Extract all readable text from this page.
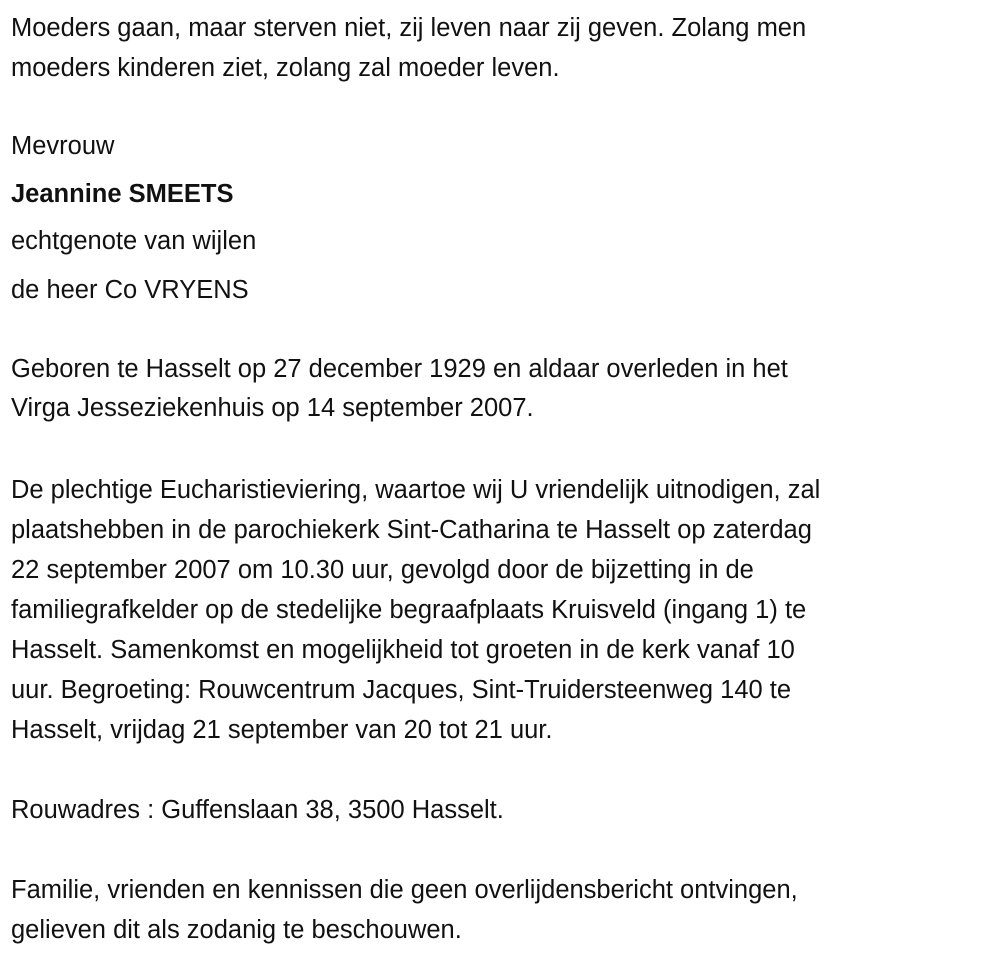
Moeders gaan, maar sterven niet, zij leven naar zij geven. Zolang men
moeders kinderen ziet, zolang zal moeder leven.
Mevrouw
Jeannine SMEETS
echtgenote van wijlen
de heer Co VRYENS
Geboren te Hasselt op 27 december 1929 en aldaar overleden in het
Virga Jesseziekenhuis op 14 september 2007.
De plechtige Eucharistieviering, waartoe wij U vriendelijk uitnodigen, zal
plaatshebben in de parochiekerk Sint-Catharina te Hasselt op zaterdag
22 september 2007 om 10.30 uur, gevolgd door de bijzetting in de
familiegrafkelder op de stedelijke begraafplaats Kruisveld (ingang 1) te
Hasselt. Samenkomst en mogelijkheid tot groeten in de kerk vanaf 10
uur. Begroeting: Rouwcentrum Jacques, Sint-Truidersteenweg 140 te
Hasselt, vrijdag 21 september van 20 tot 21 uur.
Rouwadres : Guffenslaan 38, 3500 Hasselt.
Familie, vrienden en kennissen die geen overlijdensbericht ontvingen,
gelieven dit als zodanig te beschouwen.
